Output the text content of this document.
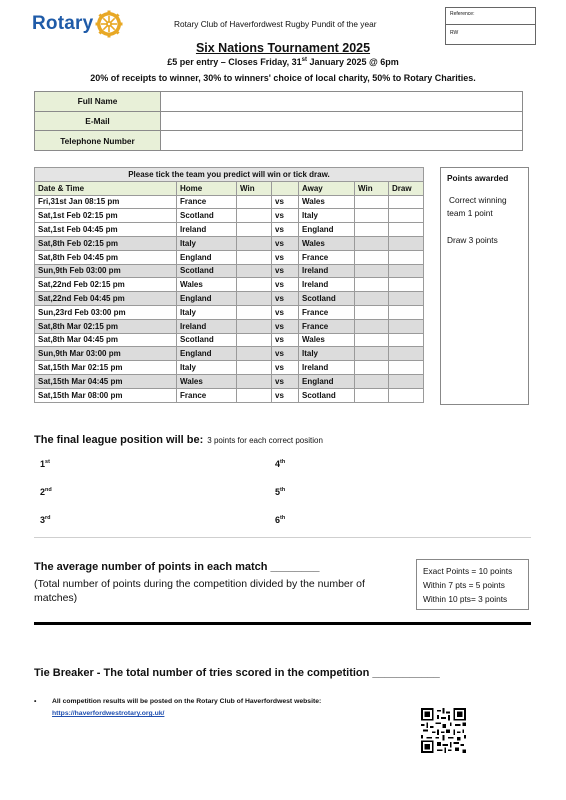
Rotary	Rotary Club of Haverfordwest Rugby Pundit of the year
Reference:
RW
Six Nations Tournament 2025
£5 per entry – Closes Friday, 31st January 2025 @ 6pm
20% of receipts to winner, 30% to winners' choice of local charity, 50% to Rotary Charities.
Full Name	
E-Mail	
Telephone Number	
Please tick the team you predict will win or tick draw.						
Date & Time	Home	Win		Away	Win	Draw
Fri,31st Jan 08:15 pm	France		vs	Wales		
Sat,1st Feb 02:15 pm	Scotland		vs	Italy		
Sat,1st Feb 04:45 pm	Ireland		vs	England		
Sat,8th Feb 02:15 pm	Italy		vs	Wales		
Sat,8th Feb 04:45 pm	England		vs	France		
Sun,9th Feb 03:00 pm	Scotland		vs	Ireland		
Sat,22nd Feb 02:15 pm	Wales		vs	Ireland		
Sat,22nd Feb 04:45 pm	England		vs	Scotland		
Sun,23rd Feb 03:00 pm	Italy		vs	France		
Sat,8th Mar 02:15 pm	Ireland		vs	France		
Sat,8th Mar 04:45 pm	Scotland		vs	Wales		
Sun,9th Mar 03:00 pm	England		vs	Italy		
Sat,15th Mar 02:15 pm	Italy		vs	Ireland		
Sat,15th Mar 04:45 pm	Wales		vs	England		
Sat,15th Mar 08:00 pm	France		vs	Scotland		
Points awarded
Correct winning
team 1 point
Draw 3 points
The final league position will be: 3 points for each correct position
1st
2nd
3rd
4th
5th
6th
The average number of points in each match ________
(Total number of points during the competition divided by the number of matches)
Exact Points = 10 points
Within 7 pts = 5 points
Within 10 pts= 3 points
Tie Breaker - The total number of tries scored in the competition ___________
•	All competition results will be posted on the Rotary Club of Haverfordwest website:
https://haverfordwestrotary.org.uk/
